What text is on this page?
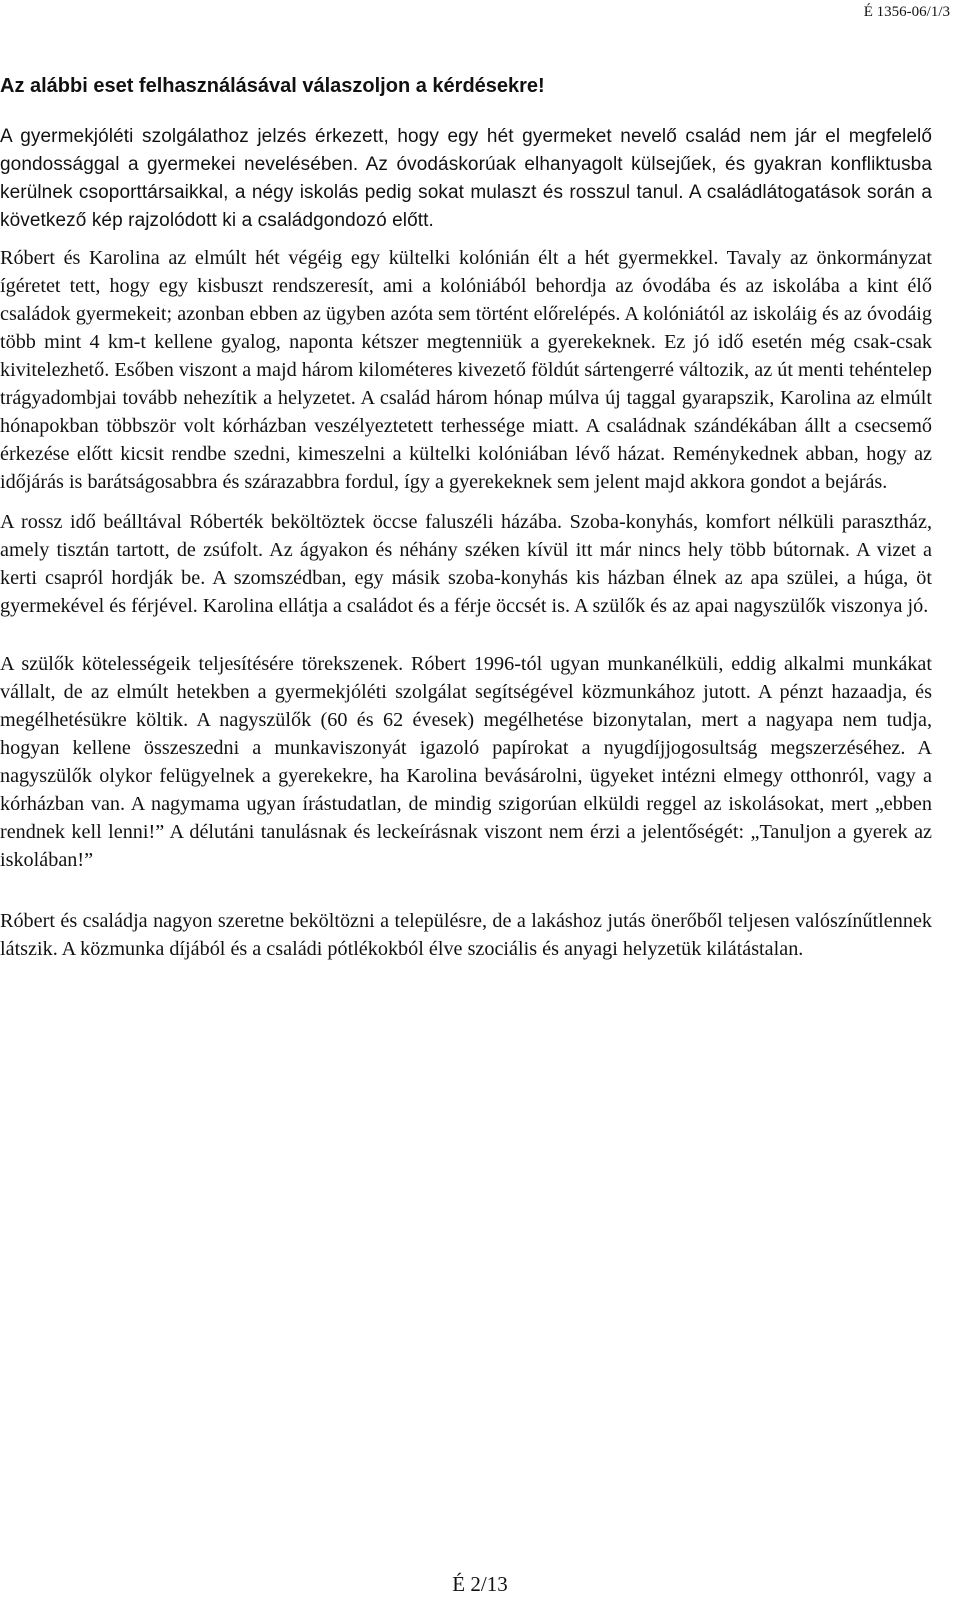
É 1356-06/1/3

Az alábbi eset felhasználásával válaszoljon a kérdésekre!

A gyermekjóléti szolgálathoz jelzés érkezett, hogy egy hét gyermeket nevelő család nem jár el megfelelő gondossággal a gyermekei nevelésében. Az óvodáskorúak elhanyagolt külsejűek, és gyakran konfliktusba kerülnek csoporttársaikkal, a négy iskolás pedig sokat mulaszt és rosszul tanul. A családlátogatások során a következő kép rajzolódott ki a családgondozó előtt.

Róbert és Karolina az elmúlt hét végéig egy kültelki kolónián élt a hét gyermekkel. Tavaly az önkormányzat ígéretet tett, hogy egy kisbuszt rendszeresít, ami a kolóniából behordja az óvodába és az iskolába a kint élő családok gyermekeit; azonban ebben az ügyben azóta sem történt előrelépés. A kolóniától az iskoláig és az óvodáig több mint 4 km-t kellene gyalog, naponta kétszer megtenniük a gyerekeknek. Ez jó idő esetén még csak-csak kivitelezhető. Esőben viszont a majd három kilométeres kivezető földút sártengerré változik, az út menti tehéntelep trágyadombjai tovább nehezítik a helyzetet. A család három hónap múlva új taggal gyarapszik, Karolina az elmúlt hónapokban többször volt kórházban veszélyeztetett terhessége miatt. A családnak szándékában állt a csecsemő érkezése előtt kicsit rendbe szedni, kimeszelni a kültelki kolóniában lévő házat. Reménykednek abban, hogy az időjárás is barátságosabbra és szárazabbra fordul, így a gyerekeknek sem jelent majd akkora gondot a bejárás.

A rossz idő beálltával Róberték beköltöztek öccse faluszéli házába. Szoba-konyhás, komfort nélküli parasztház, amely tisztán tartott, de zsúfolt. Az ágyakon és néhány széken kívül itt már nincs hely több bútornak. A vizet a kerti csapról hordják be. A szomszédban, egy másik szoba-konyhás kis házban élnek az apa szülei, a húga, öt gyermekével és férjével. Karolina ellátja a családot és a férje öccsét is. A szülők és az apai nagyszülők viszonya jó.

A szülők kötelességeik teljesítésére törekszenek. Róbert 1996-tól ugyan munkanélküli, eddig alkalmi munkákat vállalt, de az elmúlt hetekben a gyermekjóléti szolgálat segítségével közmunkához jutott. A pénzt hazaadja, és megélhetésükre költik. A nagyszülők (60 és 62 évesek) megélhetése bizonytalan, mert a nagyapa nem tudja, hogyan kellene összeszedni a munkaviszonyát igazoló papírokat a nyugdíjjogosultság megszerzéséhez. A nagyszülők olykor felügyelnek a gyerekekre, ha Karolina bevásárolni, ügyeket intézni elmegy otthonról, vagy a kórházban van. A nagymama ugyan írástudatlan, de mindig szigorúan elküldi reggel az iskolásokat, mert „ebben rendnek kell lenni!” A délutáni tanulásnak és leckeírásnak viszont nem érzi a jelentőségét: „Tanuljon a gyerek az iskolában!”

Róbert és családja nagyon szeretne beköltözni a településre, de a lakáshoz jutás önerőből teljesen valószínűtlennek látszik. A közmunka díjából és a családi pótlékokból élve szociális és anyagi helyzetük kilátástalan.

É 2/13
